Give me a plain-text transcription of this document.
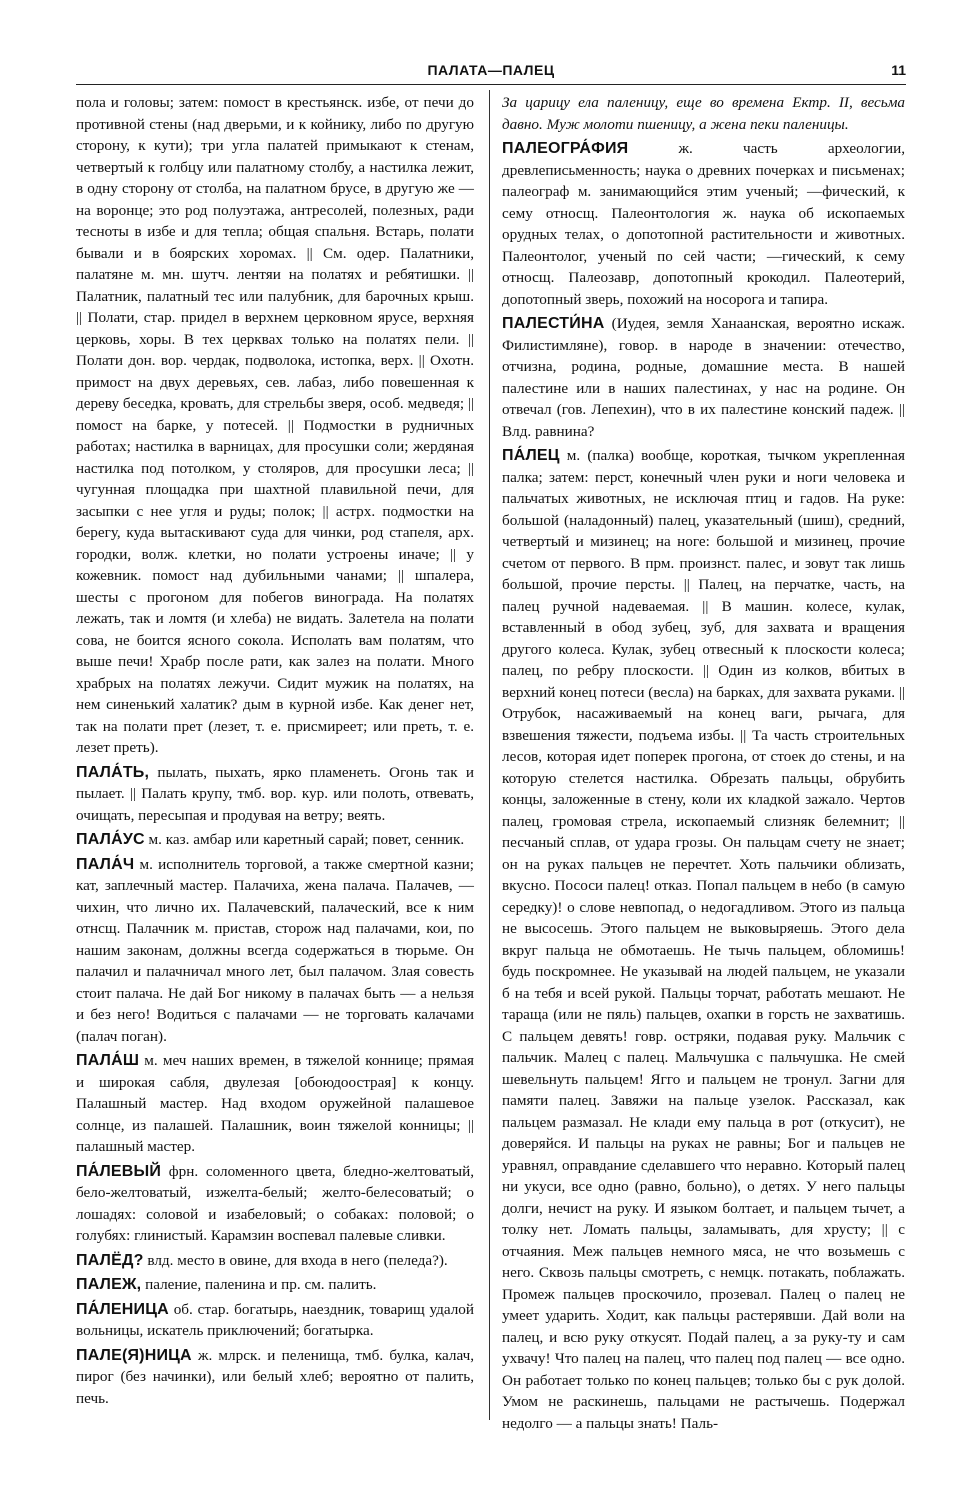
ПАЛАТА—ПАЛЕЦ	11

пола и головы; затем: помост в крестьянск. избе, от печи до противной стены (над дверьми, и к койнику, либо по другую сторону, к кути); три угла палатей примыкают к стенам, четвертый к голбцу или палатному столбу, а настилка лежит, в одну сторону от столба, на палатном брусе, в другую же — на воронце; это род полуэтажа, антресолей, полезных, ради тесноты в избе и для тепла; общая спальня. Встарь, полати бывали и в боярских хоромах. || См. одер. Палатники, палатяне м. мн. шутч. лентяи на полатях и ребятишки. || Палатник, палатный тес или палубник, для барочных крыш. || Полати, стар. придел в верхнем церковном ярусе, верхняя церковь, хоры. В тех церквах только на полатях пели. || Полати дон. вор. чердак, подволока, истопка, верх. || Охотн. примост на двух деревьях, сев. лабаз, либо повешенная к дереву беседка, кровать, для стрельбы зверя, особ. медведя; || помост на барке, у потесей. || Подмостки в рудничных работах; настилка в варницах, для просушки соли; жердяная настилка под потолком, у столяров, для просушки леса; || чугунная площадка при шахтной плавильной печи, для засыпки с нее угля и руды; полок; || астрх. подмостки на берегу, куда вытаскивают суда для чинки, род стапеля, арх. городки, волж. клетки, но полати устроены иначе; || у кожевник. помост над дубильными чанами; || шпалера, шесты с прогоном для побегов винограда. На полатях лежать, так и ломтя (и хлеба) не видать. Залетела на полати сова, не боится ясного сокола. Исполать вам полатям, что выше печи! Храбр после рати, как залез на полати. Много храбрых на полатях лежучи. Сидит мужик на полатях, на нем синенький халатик? дым в курной избе. Как денег нет, так на полати прет (лезет, т. е. присмиреет; или преть, т. е. лезет преть).

ПАЛА́ТЬ, пылать, пыхать, ярко пламенеть. Огонь так и пылает. || Палать крупу, тмб. вор. кур. или полоть, отвевать, очищать, пересыпая и продувая на ветру; веять.

ПАЛА́УС м. каз. амбар или каретный сарай; повет, сенник.

ПАЛА́Ч м. исполнитель торговой, а также смертной казни; кат, заплечный мастер. Палачиха, жена палача. Палачев, —чихин, что лично их. Палачевский, палаческий, все к ним отнсщ. Палачник м. пристав, сторож над палачами, кои, по нашим законам, должны всегда содержаться в тюрьме. Он палачил и палачничал много лет, был палачом. Злая совесть стоит палача. Не дай Бог никому в палачах быть — а нельзя и без него! Водиться с палачами — не торговать калачами (палач поган).

ПАЛА́Ш м. меч наших времен, в тяжелой коннице; прямая и широкая сабля, двулезая [обоюдоострая] к концу. Палашный мастер. Над входом оружейной палашевое солнце, из палашей. Палашник, воин тяжелой конницы; || палашный мастер.

ПА́ЛЕВЫЙ фрн. соломенного цвета, бледно-желтоватый, бело-желтоватый, изжелта-белый; желто-белесоватый; о лошадях: соловой и изабеловый; о собаках: половой; о голубях: глинистый. Карамзин воспевал палевые сливки.

ПАЛЁД? влд. место в овине, для входа в него (пеледа?).

ПАЛЕЖ, паление, паленина и пр. см. палить.

ПА́ЛЕНИЦА об. стар. богатырь, наездник, товарищ удалой вольницы, искатель приключений; богатырка.

ПАЛЕ(Я)НИЦА ж. млрск. и пеленища, тмб. булка, калач, пирог (без начинки), или белый хлеб; вероятно от палить, печь.

За царицу ела паленицу, еще во времена Ектр. II, весьма давно. Муж молоти пшеницу, а жена пеки паленицы.

ПАЛЕОГРА́ФИЯ	ж. часть археологии, древлеписьменность; наука о древних почерках и письменах; палеограф м. занимающийся этим ученый; —фический, к сему относщ. Палеонтология ж. наука об ископаемых орудных телах, о допотопной растительности и животных. Палеонтолог, ученый по сей части; —гический, к сему относщ. Палеозавр, допотопный крокодил. Палеотерий, допотопный зверь, похожий на носорога и тапира.

ПАЛЕСТИ́НА (Иудея, земля Ханаанская, вероятно искаж. Филистимляне), говор. в народе в значении: отечество, отчизна, родина, родные, домашние места. В нашей палестине или в наших палестинах, у нас на родине. Он отвечал (гов. Лепехин), что в их палестине конский падеж. || Влд. равнина?

ПА́ЛЕЦ м. (палка) вообще, короткая, тычком укрепленная палка; затем: перст, конечный член руки и ноги человека и пальчатых животных, не исключая птиц и гадов. На руке: большой (наладонный) палец, указательный (шиш), средний, четвертый и мизинец; на ноге: большой и мизинец, прочие счетом от первого. В прм. произнст. палес, и зовут так лишь большой, прочие персты. || Палец, на перчатке, часть, на палец ручной надеваемая. || В машин. колесе, кулак, вставленный в обод зубец, зуб, для захвата и вращения другого колеса. Кулак, зубец отвесный к плоскости колеса; палец, по ребру плоскости. || Один из колков, вбитых в верхний конец потеси (весла) на барках, для захвата руками. || Отрубок, насаживаемый на конец ваги, рычага, для взвешения тяжести, подъема избы. || Та часть строительных лесов, которая идет поперек прогона, от стоек до стены, и на которую стелется настилка. Обрезать пальцы, обрубить концы, заложенные в стену, коли их кладкой зажало. Чертов палец, громовая стрела, ископаемый слизняк белемнит; || песчаный сплав, от удара грозы. Он пальцам счету не знает; он на руках пальцев не перечтет. Хоть пальчики облизать, вкусно. Пососи палец! отказ. Попал пальцем в небо (в самую середку)! о слове невпопад, о недогадливом. Этого из пальца не высосешь. Этого пальцем не выковыряешь. Этого дела вкруг пальца не обмотаешь. Не тычь пальцем, обломишь! будь поскромнее. Не указывай на людей пальцем, не указали б на тебя и всей рукой. Пальцы торчат, работать мешают. Не тараща (или не пяль) пальцев, охапки в горсть не захватишь. С пальцем девять! говр. остряки, подавая руку. Мальчик с пальчик. Малец с палец. Мальчушка с пальчушка. Не смей шевельнуть пальцем! Ягго и пальцем не тронул. Загни для памяти палец. Завяжи на пальце узелок. Рассказал, как пальцем размазал. Не клади ему пальца в рот (откусит), не доверяйся. И пальцы на руках не равны; Бог и пальцев не уравнял, оправдание сделавшего что неравно. Который палец ни укуси, все одно (равно, больно), о детях. У него пальцы долги, нечист на руку. И языком болтает, и пальцем тычет, а толку нет. Ломать пальцы, заламывать, для хрусту; || с отчаяния. Меж пальцев немного мяса, не что возьмешь с него. Сквозь пальцы смотреть, с немцк. потакать, поблажать. Промеж пальцев проскочило, прозевал. Палец о палец не умеет ударить. Ходит, как пальцы растерявши. Дай воли на палец, и всю руку откусят. Подай палец, а за руку-ту и сам ухвачу! Что палец на палец, что палец под палец — все одно. Он работает только по конец пальцев; только бы с рук долой. Умом не раскинешь, пальцами не растычешь. Подержал недолго — а пальцы знать! Паль-
